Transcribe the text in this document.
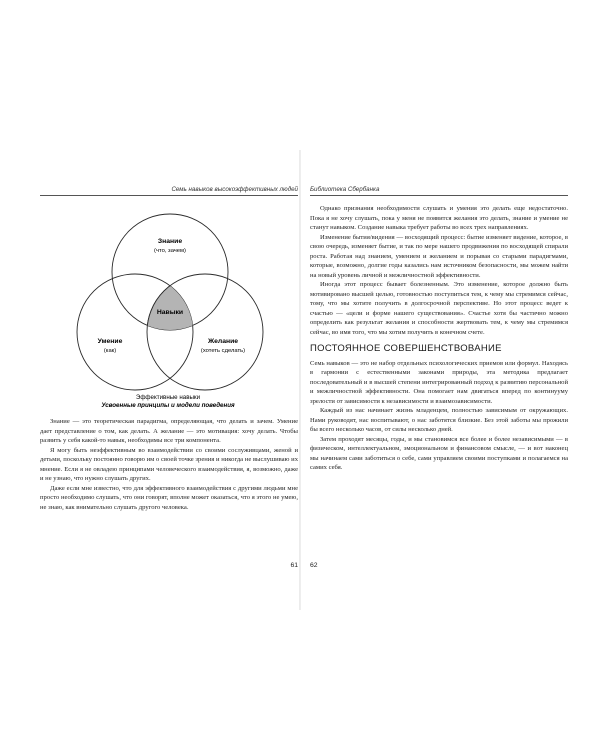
Семь навыков высокоэффективных людей
Знание
(что, зачем)
Навыки
Умение
(как)
Желание
(хотеть сделать)
Эффективные навыки
Усвоенные принципы и модели поведения

Знание — это теоретическая парадигма, определяющая, что делать и зачем. Умение дает представление о том, как делать. А желание — это мотивация: хочу делать. Чтобы развить у себя какой-то навык, необходимы все три компонента.

Я могу быть неэффективным во взаимодействии со своими сослуживцами, женой и детьми, поскольку постоянно говорю им о своей точке зрения и никогда не выслушиваю их мнение. Если я не овладею принципами человеческого взаимодействия, я, возможно, даже и не узнаю, что нужно слушать других.

Даже если мне известно, что для эффективного взаимодействия с другими людьми мне просто необходимо слушать, что они говорят, вполне может оказаться, что я этого не умею, не знаю, как внимательно слушать другого человека.

61
Библиотека Сбербанка

Однако признания необходимости слушать и умения это делать еще недостаточно. Пока я не хочу слушать, пока у меня не появится желания это делать, знание и умение не станут навыком. Создание навыка требует работы во всех трех направлениях.

Изменение бытия/видения — восходящий процесс: бытие изменяет видение, которое, в свою очередь, изменяет бытие, и так по мере нашего продвижения по восходящей спирали роста. Работая над знанием, умением и желанием и порывая со старыми парадигмами, которые, возможно, долгие годы казались нам источником безопасности, мы можем найти на новый уровень личной и межличностной эффективности.

Иногда этот процесс бывает болезненным. Это изменение, которое должно быть мотивировано высшей целью, готовностью поступиться тем, к чему мы стремимся сейчас, тому, что мы хотите получить в долгосрочной перспективе. Но этот процесс ведет к счастью — «цели и форме нашего существования». Счастье хотя бы частично можно определить как результат желания и способности жертвовать тем, к чему мы стремимся сейчас, во имя того, что мы хотим получить в конечном счете.

ПОСТОЯННОЕ СОВЕРШЕНСТВОВАНИЕ

Семь навыков — это не набор отдельных психологических приемов или формул. Находясь в гармонии с естественными законами природы, эта методика предлагает последовательный и в высшей степени интегрированный подход к развитию персональной и межличностной эффективности. Она помогает нам двигаться вперед по континууму зрелости от зависимости к независимости и взаимозависимости.

Каждый из нас начинает жизнь младенцем, полностью зависимым от окружающих. Нами руководят, нас воспитывают, о нас заботятся близкие. Без этой заботы мы прожили бы всего несколько часов, от силы несколько дней.

Затем проходят месяцы, годы, и мы становимся все более и более независимыми — в физическом, интеллектуальном, эмоциональном и финансовом смысле, — и вот наконец мы начинаем сами заботиться о себе, сами управляем своими поступками и полагаемся на самих себя.

62
